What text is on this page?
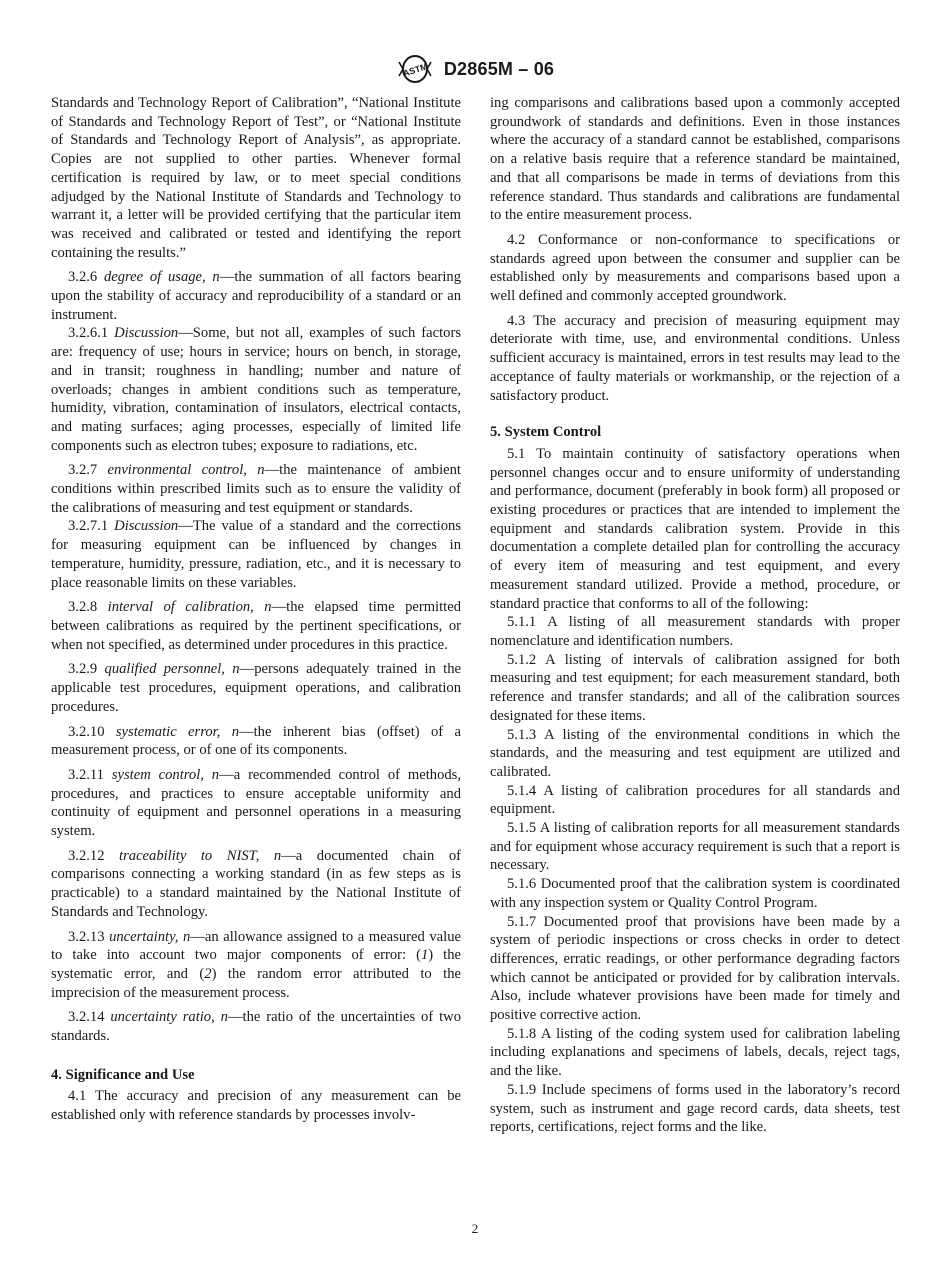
ASTM D2865M – 06

Standards and Technology Report of Calibration”, “National Institute of Standards and Technology Report of Test”, or “National Institute of Standards and Technology Report of Analysis”, as appropriate. Copies are not supplied to other parties. Whenever formal certification is required by law, or to meet special conditions adjudged by the National Institute of Standards and Technology to warrant it, a letter will be provided certifying that the particular item was received and calibrated or tested and identifying the report containing the results.”

3.2.6 degree of usage, n—the summation of all factors bearing upon the stability of accuracy and reproducibility of a standard or an instrument.

3.2.6.1 Discussion—Some, but not all, examples of such factors are: frequency of use; hours in service; hours on bench, in storage, and in transit; roughness in handling; number and nature of overloads; changes in ambient conditions such as temperature, humidity, vibration, contamination of insulators, electrical contacts, and mating surfaces; aging processes, especially of limited life components such as electron tubes; exposure to radiations, etc.

3.2.7 environmental control, n—the maintenance of ambient conditions within prescribed limits such as to ensure the validity of the calibrations of measuring and test equipment or standards.

3.2.7.1 Discussion—The value of a standard and the corrections for measuring equipment can be influenced by changes in temperature, humidity, pressure, radiation, etc., and it is necessary to place reasonable limits on these variables.

3.2.8 interval of calibration, n—the elapsed time permitted between calibrations as required by the pertinent specifications, or when not specified, as determined under procedures in this practice.

3.2.9 qualified personnel, n—persons adequately trained in the applicable test procedures, equipment operations, and calibration procedures.

3.2.10 systematic error, n—the inherent bias (offset) of a measurement process, or of one of its components.

3.2.11 system control, n—a recommended control of methods, procedures, and practices to ensure acceptable uniformity and continuity of equipment and personnel operations in a measuring system.

3.2.12 traceability to NIST, n—a documented chain of comparisons connecting a working standard (in as few steps as is practicable) to a standard maintained by the National Institute of Standards and Technology.

3.2.13 uncertainty, n—an allowance assigned to a measured value to take into account two major components of error: (1) the systematic error, and (2) the random error attributed to the imprecision of the measurement process.

3.2.14 uncertainty ratio, n—the ratio of the uncertainties of two standards.

4. Significance and Use

4.1 The accuracy and precision of any measurement can be established only with reference standards by processes involv-

ing comparisons and calibrations based upon a commonly accepted groundwork of standards and definitions. Even in those instances where the accuracy of a standard cannot be established, comparisons on a relative basis require that a reference standard be maintained, and that all comparisons be made in terms of deviations from this reference standard. Thus standards and calibrations are fundamental to the entire measurement process.

4.2 Conformance or non-conformance to specifications or standards agreed upon between the consumer and supplier can be established only by measurements and comparisons based upon a well defined and commonly accepted groundwork.

4.3 The accuracy and precision of measuring equipment may deteriorate with time, use, and environmental conditions. Unless sufficient accuracy is maintained, errors in test results may lead to the acceptance of faulty materials or workmanship, or the rejection of a satisfactory product.

5. System Control

5.1 To maintain continuity of satisfactory operations when personnel changes occur and to ensure uniformity of understanding and performance, document (preferably in book form) all proposed or existing procedures or practices that are intended to implement the equipment and standards calibration system. Provide in this documentation a complete detailed plan for controlling the accuracy of every item of measuring and test equipment, and every measurement standard utilized. Provide a method, procedure, or standard practice that conforms to all of the following:

5.1.1 A listing of all measurement standards with proper nomenclature and identification numbers.

5.1.2 A listing of intervals of calibration assigned for both measuring and test equipment; for each measurement standard, both reference and transfer standards; and all of the calibration sources designated for these items.

5.1.3 A listing of the environmental conditions in which the standards, and the measuring and test equipment are utilized and calibrated.

5.1.4 A listing of calibration procedures for all standards and equipment.

5.1.5 A listing of calibration reports for all measurement standards and for equipment whose accuracy requirement is such that a report is necessary.

5.1.6 Documented proof that the calibration system is coordinated with any inspection system or Quality Control Program.

5.1.7 Documented proof that provisions have been made by a system of periodic inspections or cross checks in order to detect differences, erratic readings, or other performance degrading factors which cannot be anticipated or provided for by calibration intervals. Also, include whatever provisions have been made for timely and positive corrective action.

5.1.8 A listing of the coding system used for calibration labeling including explanations and specimens of labels, decals, reject tags, and the like.

5.1.9 Include specimens of forms used in the laboratory’s record system, such as instrument and gage record cards, data sheets, test reports, certifications, reject forms and the like.

2
